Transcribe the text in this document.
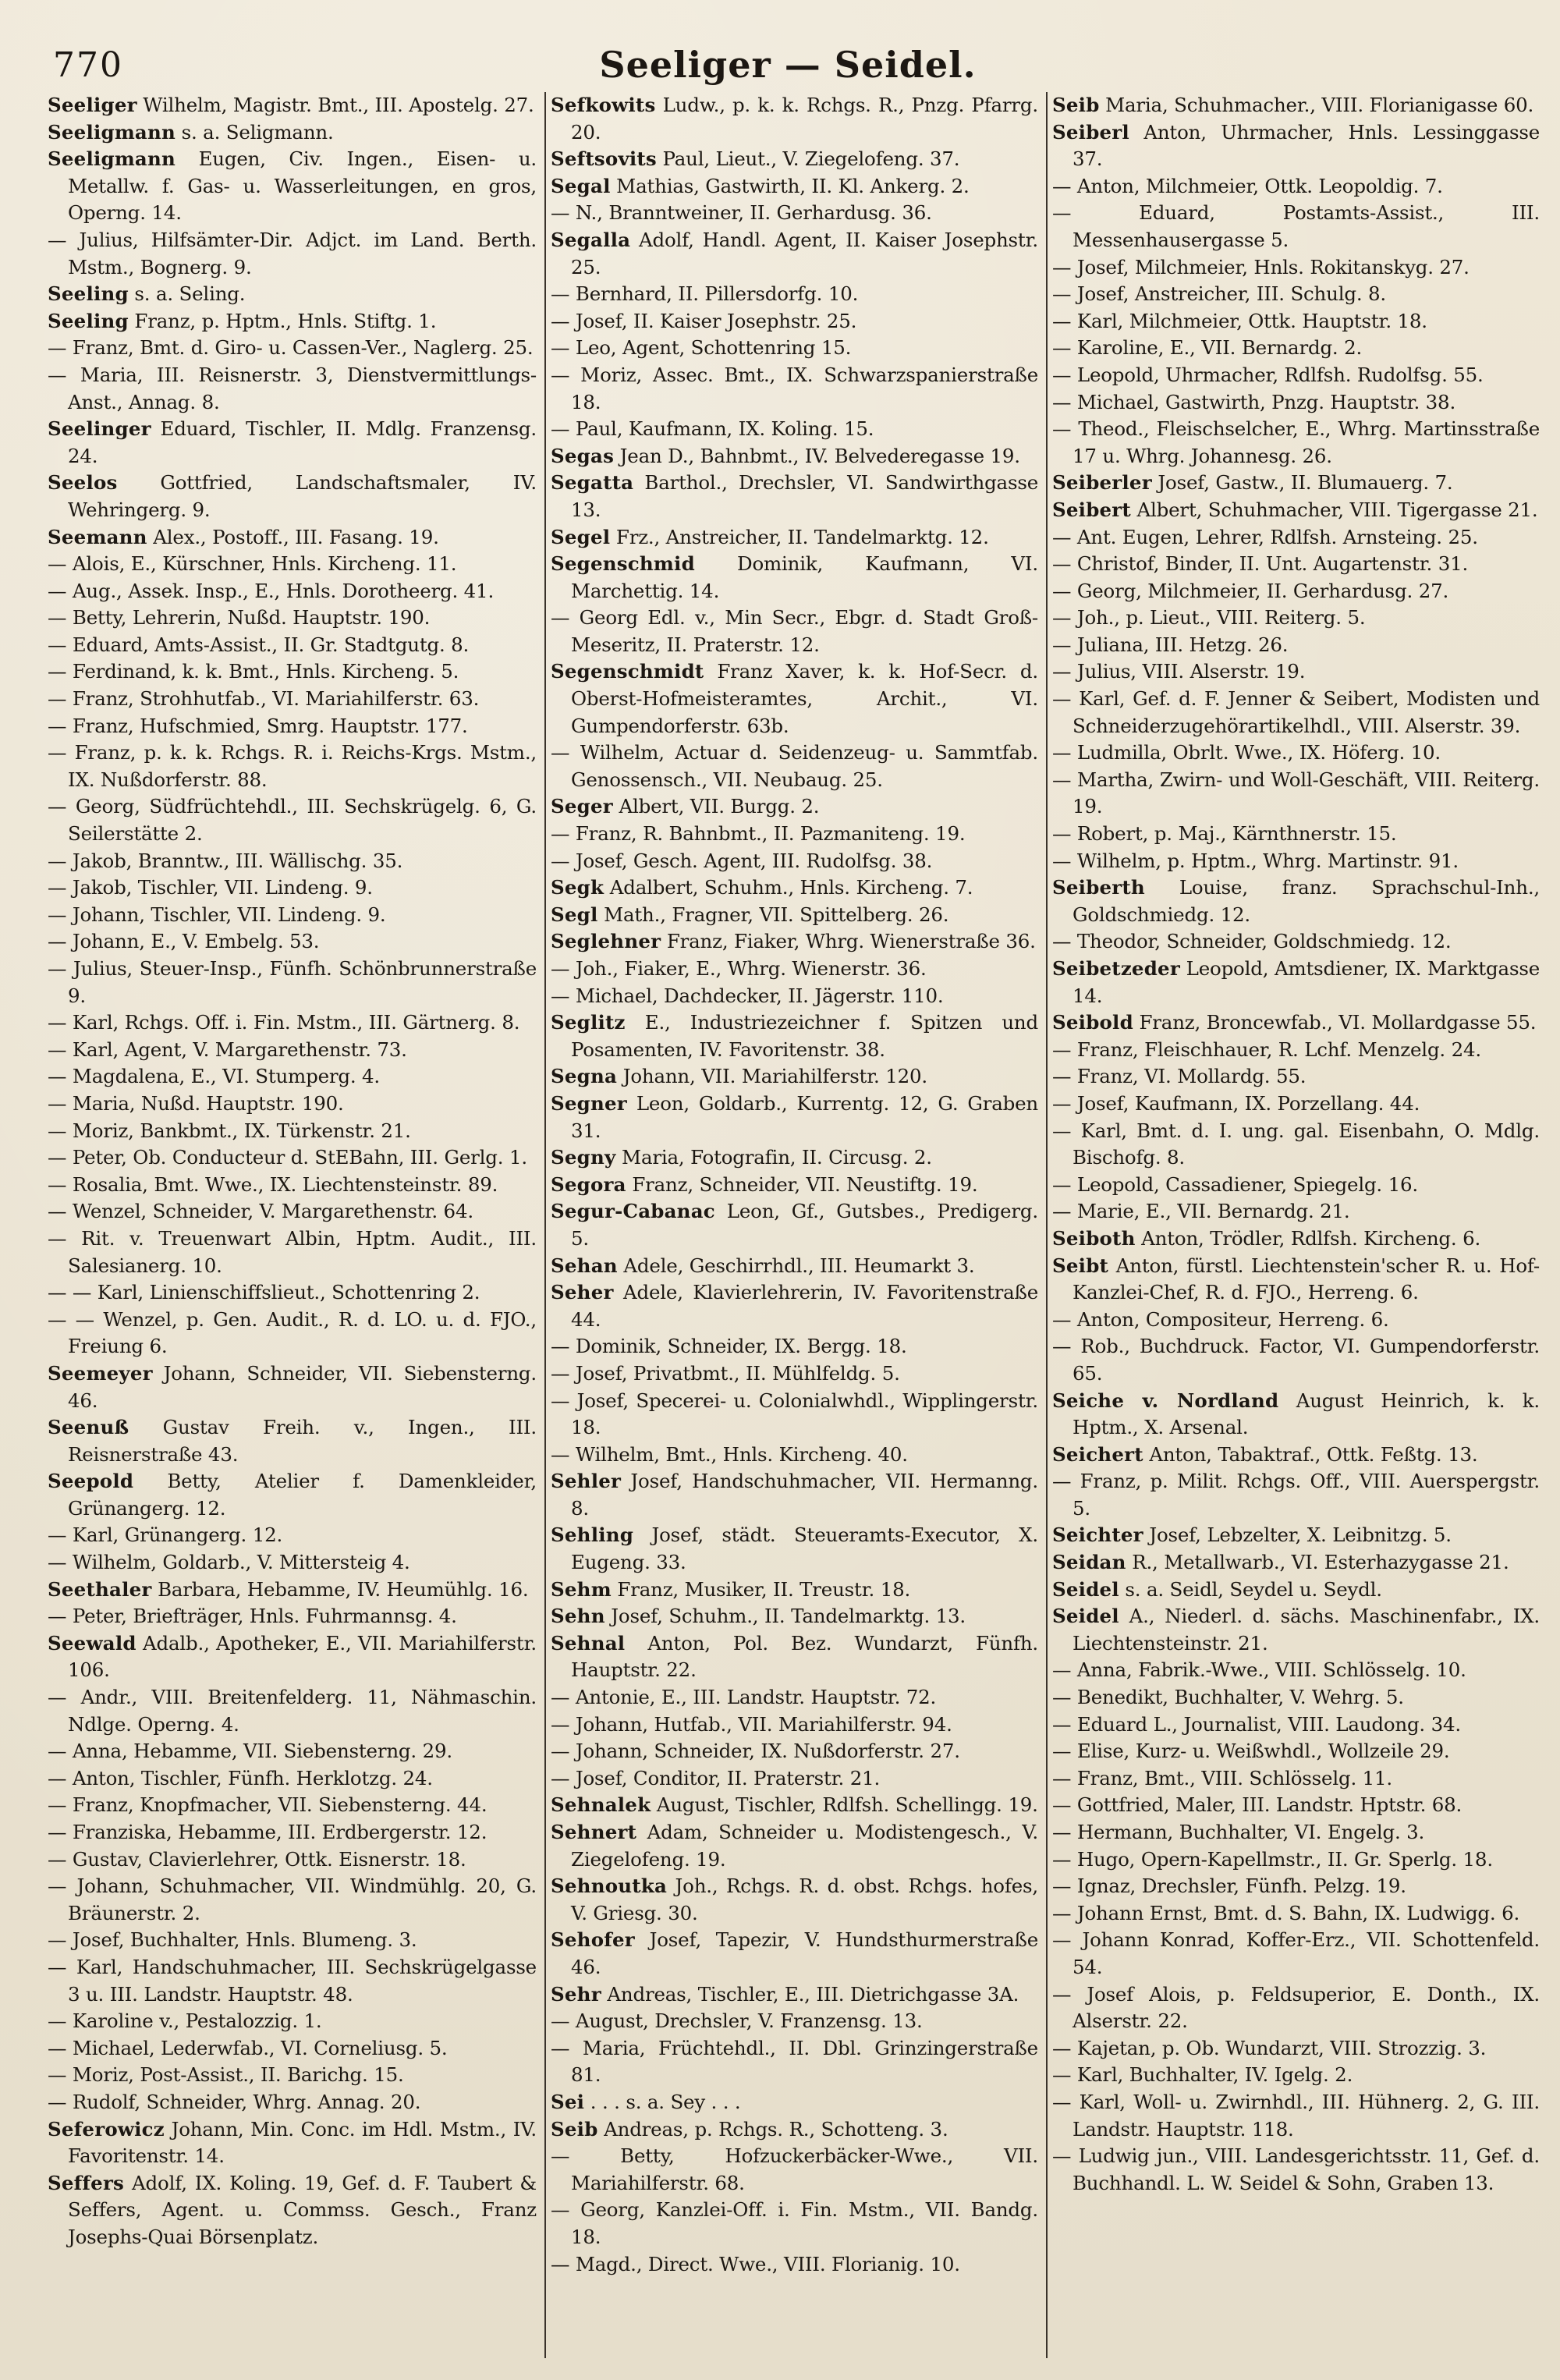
770	Seeliger — Seidel.
Seeliger Wilhelm, Magistr. Bmt., III. Apostelg. 27.
Seeligmann s. a. Seligmann.
Seeligmann Eugen, Civ. Ingen., Eisen- u. Metallw. f. Gas- u. Wasserleitungen, en gros, Operng. 14.
— Julius, Hilfsämter-Dir. Adjct. im Land. Berth. Mstm., Bognerg. 9.
Seeling s. a. Seling.
Seeling Franz, p. Hptm., Hnls. Stiftg. 1.
— Franz, Bmt. d. Giro- u. Cassen-Ver., Naglerg. 25.
— Maria, III. Reisnerstr. 3, Dienstvermittlungs-Anst., Annag. 8.
Seelinger Eduard, Tischler, II. Mdlg. Franzensg. 24.
Seelos Gottfried, Landschaftsmaler, IV. Wehringerg. 9.
Seemann Alex., Postoff., III. Fasang. 19.
— Alois, E., Kürschner, Hnls. Kircheng. 11.
— Aug., Assek. Insp., E., Hnls. Dorotheerg. 41.
— Betty, Lehrerin, Nußd. Hauptstr. 190.
— Eduard, Amts-Assist., II. Gr. Stadtgutg. 8.
— Ferdinand, k. k. Bmt., Hnls. Kircheng. 5.
— Franz, Strohhutfab., VI. Mariahilferstr. 63.
— Franz, Hufschmied, Smrg. Hauptstr. 177.
— Franz, p. k. k. Rchgs. R. i. Reichs-Krgs. Mstm., IX. Nußdorferstr. 88.
— Georg, Südfrüchtehdl., III. Sechskrügelg. 6, G. Seilerstätte 2.
— Jakob, Branntw., III. Wällischg. 35.
— Jakob, Tischler, VII. Lindeng. 9.
— Johann, Tischler, VII. Lindeng. 9.
— Johann, E., V. Embelg. 53.
— Julius, Steuer-Insp., Fünfh. Schönbrunnerstraße 9.
— Karl, Rchgs. Off. i. Fin. Mstm., III. Gärtnerg. 8.
— Karl, Agent, V. Margarethenstr. 73.
— Magdalena, E., VI. Stumperg. 4.
— Maria, Nußd. Hauptstr. 190.
— Moriz, Bankbmt., IX. Türkenstr. 21.
— Peter, Ob. Conducteur d. StEBahn, III. Gerlg. 1.
— Rosalia, Bmt. Wwe., IX. Liechtensteinstr. 89.
— Wenzel, Schneider, V. Margarethenstr. 64.
— Rit. v. Treuenwart Albin, Hptm. Audit., III. Salesianerg. 10.
— — Karl, Linienschiffslieut., Schottenring 2.
— — Wenzel, p. Gen. Audit., R. d. LO. u. d. FJO., Freiung 6.
Seemeyer Johann, Schneider, VII. Siebensterng. 46.
Seenuß Gustav Freih. v., Ingen., III. Reisnerstraße 43.
Seepold Betty, Atelier f. Damenkleider, Grünangerg. 12.
— Karl, Grünangerg. 12.
— Wilhelm, Goldarb., V. Mittersteig 4.
Seethaler Barbara, Hebamme, IV. Heumühlg. 16.
— Peter, Briefträger, Hnls. Fuhrmannsg. 4.
Seewald Adalb., Apotheker, E., VII. Mariahilferstr. 106.
— Andr., VIII. Breitenfelderg. 11, Nähmaschin. Ndlge. Operng. 4.
— Anna, Hebamme, VII. Siebensterng. 29.
— Anton, Tischler, Fünfh. Herklotzg. 24.
— Franz, Knopfmacher, VII. Siebensterng. 44.
— Franziska, Hebamme, III. Erdbergerstr. 12.
— Gustav, Clavierlehrer, Ottk. Eisnerstr. 18.
— Johann, Schuhmacher, VII. Windmühlg. 20, G. Bräunerstr. 2.
— Josef, Buchhalter, Hnls. Blumeng. 3.
— Karl, Handschuhmacher, III. Sechskrügelgasse 3 u. III. Landstr. Hauptstr. 48.
— Karoline v., Pestalozzig. 1.
— Michael, Lederwfab., VI. Corneliusg. 5.
— Moriz, Post-Assist., II. Barichg. 15.
— Rudolf, Schneider, Whrg. Annag. 20.
Seferowicz Johann, Min. Conc. im Hdl. Mstm., IV. Favoritenstr. 14.
Seffers Adolf, IX. Koling. 19, Gef. d. F. Taubert & Seffers, Agent. u. Commss. Gesch., Franz Josephs-Quai Börsenplatz.
Sefkowits Ludw., p. k. k. Rchgs. R., Pnzg. Pfarrg. 20.
Seftsovits Paul, Lieut., V. Ziegelofeng. 37.
Segal Mathias, Gastwirth, II. Kl. Ankerg. 2.
— N., Branntweiner, II. Gerhardusg. 36.
Segalla Adolf, Handl. Agent, II. Kaiser Josephstr. 25.
— Bernhard, II. Pillersdorfg. 10.
— Josef, II. Kaiser Josephstr. 25.
— Leo, Agent, Schottenring 15.
— Moriz, Assec. Bmt., IX. Schwarzspanierstraße 18.
— Paul, Kaufmann, IX. Koling. 15.
Segas Jean D., Bahnbmt., IV. Belvederegasse 19.
Segatta Barthol., Drechsler, VI. Sandwirthgasse 13.
Segel Frz., Anstreicher, II. Tandelmarktg. 12.
Segenschmid Dominik, Kaufmann, VI. Marchettig. 14.
— Georg Edl. v., Min Secr., Ebgr. d. Stadt Groß-Meseritz, II. Praterstr. 12.
Segenschmidt Franz Xaver, k. k. Hof-Secr. d. Oberst-Hofmeisteramtes, Archit., VI. Gumpendorferstr. 63b.
— Wilhelm, Actuar d. Seidenzeug- u. Sammtfab. Genossensch., VII. Neubaug. 25.
Seger Albert, VII. Burgg. 2.
— Franz, R. Bahnbmt., II. Pazmaniteng. 19.
— Josef, Gesch. Agent, III. Rudolfsg. 38.
Segk Adalbert, Schuhm., Hnls. Kircheng. 7.
Segl Math., Fragner, VII. Spittelberg. 26.
Seglehner Franz, Fiaker, Whrg. Wienerstraße 36.
— Joh., Fiaker, E., Whrg. Wienerstr. 36.
— Michael, Dachdecker, II. Jägerstr. 110.
Seglitz E., Industriezeichner f. Spitzen und Posamenten, IV. Favoritenstr. 38.
Segna Johann, VII. Mariahilferstr. 120.
Segner Leon, Goldarb., Kurrentg. 12, G. Graben 31.
Segny Maria, Fotografin, II. Circusg. 2.
Segora Franz, Schneider, VII. Neustiftg. 19.
Segur-Cabanac Leon, Gf., Gutsbes., Predigerg. 5.
Sehan Adele, Geschirrhdl., III. Heumarkt 3.
Seher Adele, Klavierlehrerin, IV. Favoritenstraße 44.
— Dominik, Schneider, IX. Bergg. 18.
— Josef, Privatbmt., II. Mühlfeldg. 5.
— Josef, Specerei- u. Colonialwhdl., Wipplingerstr. 18.
— Wilhelm, Bmt., Hnls. Kircheng. 40.
Sehler Josef, Handschuhmacher, VII. Hermanng. 8.
Sehling Josef, städt. Steueramts-Executor, X. Eugeng. 33.
Sehm Franz, Musiker, II. Treustr. 18.
Sehn Josef, Schuhm., II. Tandelmarktg. 13.
Sehnal Anton, Pol. Bez. Wundarzt, Fünfh. Hauptstr. 22.
— Antonie, E., III. Landstr. Hauptstr. 72.
— Johann, Hutfab., VII. Mariahilferstr. 94.
— Johann, Schneider, IX. Nußdorferstr. 27.
— Josef, Conditor, II. Praterstr. 21.
Sehnalek August, Tischler, Rdlfsh. Schellingg. 19.
Sehnert Adam, Schneider u. Modistengesch., V. Ziegelofeng. 19.
Sehnoutka Joh., Rchgs. R. d. obst. Rchgs. hofes, V. Griesg. 30.
Sehofer Josef, Tapezir, V. Hundsthurmerstraße 46.
Sehr Andreas, Tischler, E., III. Dietrichgasse 3A.
— August, Drechsler, V. Franzensg. 13.
— Maria, Früchtehdl., II. Dbl. Grinzingerstraße 81.
Sei . . . s. a. Sey . . .
Seib Andreas, p. Rchgs. R., Schotteng. 3.
— Betty, Hofzuckerbäcker-Wwe., VII. Mariahilferstr. 68.
— Georg, Kanzlei-Off. i. Fin. Mstm., VII. Bandg. 18.
— Magd., Direct. Wwe., VIII. Florianig. 10.
Seib Maria, Schuhmacher., VIII. Florianigasse 60.
Seiberl Anton, Uhrmacher, Hnls. Lessinggasse 37.
— Anton, Milchmeier, Ottk. Leopoldig. 7.
— Eduard, Postamts-Assist., III. Messenhausergasse 5.
— Josef, Milchmeier, Hnls. Rokitanskyg. 27.
— Josef, Anstreicher, III. Schulg. 8.
— Karl, Milchmeier, Ottk. Hauptstr. 18.
— Karoline, E., VII. Bernardg. 2.
— Leopold, Uhrmacher, Rdlfsh. Rudolfsg. 55.
— Michael, Gastwirth, Pnzg. Hauptstr. 38.
— Theod., Fleischselcher, E., Whrg. Martinsstraße 17 u. Whrg. Johannesg. 26.
Seiberler Josef, Gastw., II. Blumauerg. 7.
Seibert Albert, Schuhmacher, VIII. Tigergasse 21.
— Ant. Eugen, Lehrer, Rdlfsh. Arnsteing. 25.
— Christof, Binder, II. Unt. Augartenstr. 31.
— Georg, Milchmeier, II. Gerhardusg. 27.
— Joh., p. Lieut., VIII. Reiterg. 5.
— Juliana, III. Hetzg. 26.
— Julius, VIII. Alserstr. 19.
— Karl, Gef. d. F. Jenner & Seibert, Modisten und Schneiderzugehörartikelhdl., VIII. Alserstr. 39.
— Ludmilla, Obrlt. Wwe., IX. Höferg. 10.
— Martha, Zwirn- und Woll-Geschäft, VIII. Reiterg. 19.
— Robert, p. Maj., Kärnthnerstr. 15.
— Wilhelm, p. Hptm., Whrg. Martinstr. 91.
Seiberth Louise, franz. Sprachschul-Inh., Goldschmiedg. 12.
— Theodor, Schneider, Goldschmiedg. 12.
Seibetzeder Leopold, Amtsdiener, IX. Marktgasse 14.
Seibold Franz, Broncewfab., VI. Mollardgasse 55.
— Franz, Fleischhauer, R. Lchf. Menzelg. 24.
— Franz, VI. Mollardg. 55.
— Josef, Kaufmann, IX. Porzellang. 44.
— Karl, Bmt. d. I. ung. gal. Eisenbahn, O. Mdlg. Bischofg. 8.
— Leopold, Cassadiener, Spiegelg. 16.
— Marie, E., VII. Bernardg. 21.
Seiboth Anton, Trödler, Rdlfsh. Kircheng. 6.
Seibt Anton, fürstl. Liechtenstein'scher R. u. Hof-Kanzlei-Chef, R. d. FJO., Herreng. 6.
— Anton, Compositeur, Herreng. 6.
— Rob., Buchdruck. Factor, VI. Gumpendorferstr. 65.
Seiche v. Nordland August Heinrich, k. k. Hptm., X. Arsenal.
Seichert Anton, Tabaktraf., Ottk. Feßtg. 13.
— Franz, p. Milit. Rchgs. Off., VIII. Auerspergstr. 5.
Seichter Josef, Lebzelter, X. Leibnitzg. 5.
Seidan R., Metallwarb., VI. Esterhazygasse 21.
Seidel s. a. Seidl, Seydel u. Seydl.
Seidel A., Niederl. d. sächs. Maschinenfabr., IX. Liechtensteinstr. 21.
— Anna, Fabrik.-Wwe., VIII. Schlösselg. 10.
— Benedikt, Buchhalter, V. Wehrg. 5.
— Eduard L., Journalist, VIII. Laudong. 34.
— Elise, Kurz- u. Weißwhdl., Wollzeile 29.
— Franz, Bmt., VIII. Schlösselg. 11.
— Gottfried, Maler, III. Landstr. Hptstr. 68.
— Hermann, Buchhalter, VI. Engelg. 3.
— Hugo, Opern-Kapellmstr., II. Gr. Sperlg. 18.
— Ignaz, Drechsler, Fünfh. Pelzg. 19.
— Johann Ernst, Bmt. d. S. Bahn, IX. Ludwigg. 6.
— Johann Konrad, Koffer-Erz., VII. Schottenfeld. 54.
— Josef Alois, p. Feldsuperior, E. Donth., IX. Alserstr. 22.
— Kajetan, p. Ob. Wundarzt, VIII. Strozzig. 3.
— Karl, Buchhalter, IV. Igelg. 2.
— Karl, Woll- u. Zwirnhdl., III. Hühnerg. 2, G. III. Landstr. Hauptstr. 118.
— Ludwig jun., VIII. Landesgerichtsstr. 11, Gef. d. Buchhandl. L. W. Seidel & Sohn, Graben 13.
